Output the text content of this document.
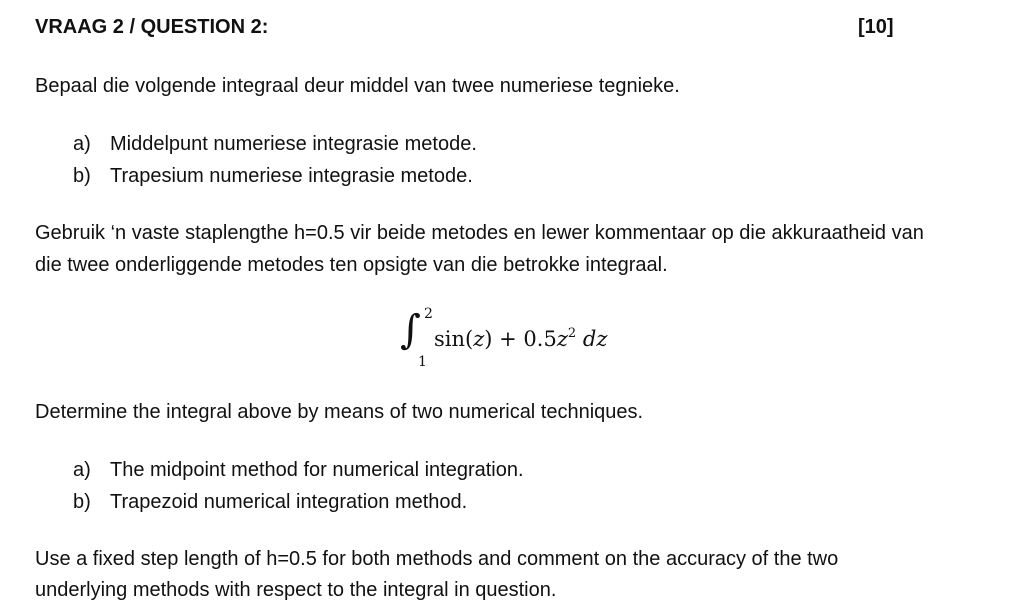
VRAAG 2 / QUESTION 2:	[10]
Bepaal die volgende integraal deur middel van twee numeriese tegnieke.
a) Middelpunt numeriese integrasie metode.
b) Trapesium numeriese integrasie metode.
Gebruik ‘n vaste staplengthe h=0.5 vir beide metodes en lewer kommentaar op die akkuraatheid van
die twee onderliggende metodes ten opsigte van die betrokke integraal.
∫ 2
1
$\sin(z) + 0.5z^2$ dz
Determine the integral above by means of two numerical techniques.
a) The midpoint method for numerical integration.
b) Trapezoid numerical integration method.
Use a fixed step length of h=0.5 for both methods and comment on the accuracy of the two
underlying methods with respect to the integral in question.
